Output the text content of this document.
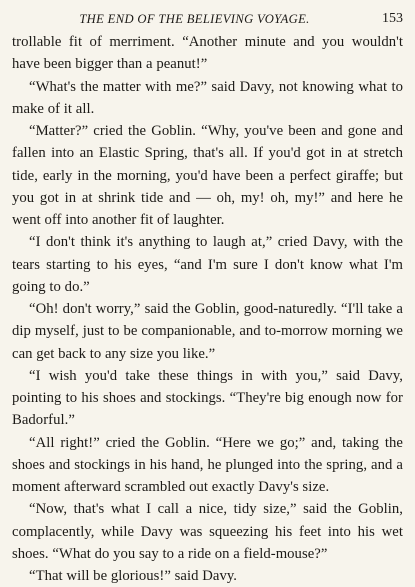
THE END OF THE BELIEVING VOYAGE.	153

trollable fit of merriment. “Another minute and you wouldn't have been bigger than a peanut!”

“What's the matter with me?” said Davy, not knowing what to make of it all.

“Matter?” cried the Goblin. “Why, you've been and gone and fallen into an Elastic Spring, that's all. If you'd got in at stretch tide, early in the morning, you'd have been a perfect giraffe; but you got in at shrink tide and — oh, my! oh, my!” and here he went off into another fit of laughter.

“I don't think it's anything to laugh at,” cried Davy, with the tears starting to his eyes, “and I'm sure I don't know what I'm going to do.”

“Oh! don't worry,” said the Goblin, good-naturedly. “I'll take a dip myself, just to be companionable, and to-morrow morning we can get back to any size you like.”

“I wish you'd take these things in with you,” said Davy, pointing to his shoes and stockings. “They're big enough now for Badorful.”

“All right!” cried the Goblin. “Here we go;” and, taking the shoes and stockings in his hand, he plunged into the spring, and a moment afterward scrambled out exactly Davy's size.

“Now, that's what I call a nice, tidy size,” said the Goblin, complacently, while Davy was squeezing his feet into his wet shoes. “What do you say to a ride on a field-mouse?”

“That will be glorious!” said Davy.
